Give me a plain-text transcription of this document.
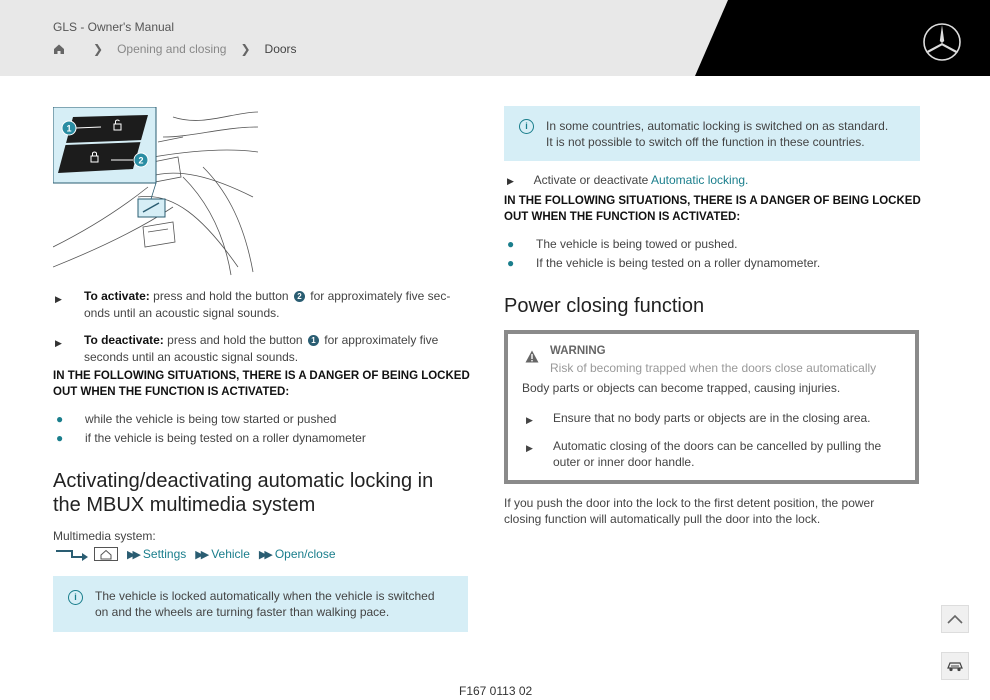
GLS - Owner's Manual
❯ Opening and closing ❯ Doors
1
2
▶ To activate: press and hold the button 2 for approximately five sec-
onds until an acoustic signal sounds.
▶ To deactivate: press and hold the button 1 for approximately five
seconds until an acoustic signal sounds.
IN THE FOLLOWING SITUATIONS, THERE IS A DANGER OF BEING LOCKED
OUT WHEN THE FUNCTION IS ACTIVATED:
● while the vehicle is being tow started or pushed
● if the vehicle is being tested on a roller dynamometer
Activating/deactivating automatic locking in
the MBUX multimedia system
Multimedia system:
▶▶ Settings ▶▶ Vehicle ▶▶ Open/close
i	The vehicle is locked automatically when the vehicle is switched
on and the wheels are turning faster than walking pace.
i	In some countries, automatic locking is switched on as standard.
It is not possible to switch off the function in these countries.
▶ Activate or deactivate Automatic locking.
IN THE FOLLOWING SITUATIONS, THERE IS A DANGER OF BEING LOCKED
OUT WHEN THE FUNCTION IS ACTIVATED:
● The vehicle is being towed or pushed.
● If the vehicle is being tested on a roller dynamometer.
Power closing function
WARNING
Risk of becoming trapped when the doors close automatically
Body parts or objects can become trapped, causing injuries.
▶ Ensure that no body parts or objects are in the closing area.
▶ Automatic closing of the doors can be cancelled by pulling the
outer or inner door handle.
If you push the door into the lock to the first detent position, the power
closing function will automatically pull the door into the lock.
F167 0113 02
